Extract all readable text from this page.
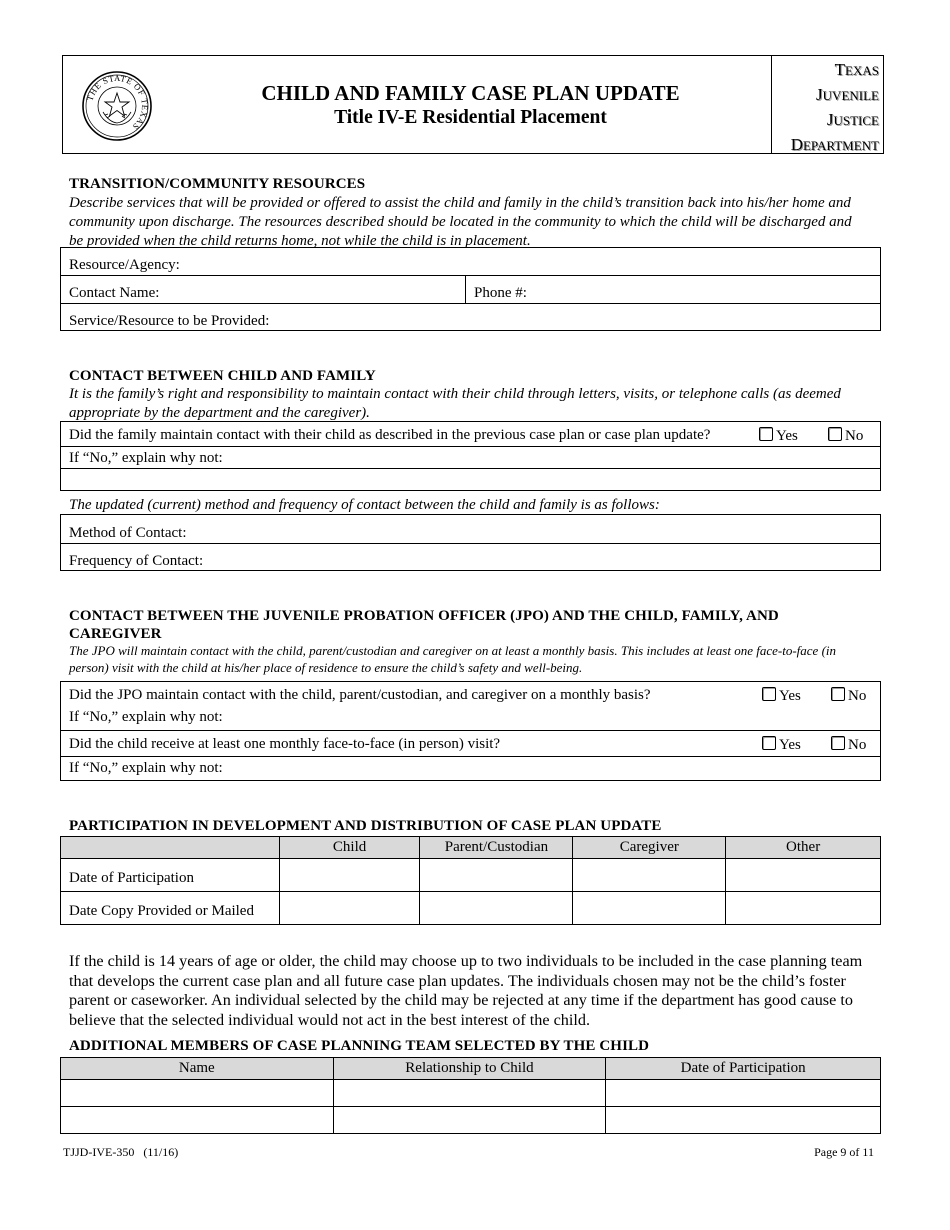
THE STATE OF TEXAS
CHILD AND FAMILY CASE PLAN UPDATE
Title IV-E Residential Placement
TEXAS
JUVENILE
JUSTICE
DEPARTMENT
TRANSITION/COMMUNITY RESOURCES
Describe services that will be provided or offered to assist the child and family in the child’s transition back into his/her home and community upon discharge. The resources described should be located in the community to which the child will be discharged and be provided when the child returns home, not while the child is in placement.
Resource/Agency:
Contact Name:	Phone #:
Service/Resource to be Provided:
CONTACT BETWEEN CHILD AND FAMILY
It is the family’s right and responsibility to maintain contact with their child through letters, visits, or telephone calls (as deemed appropriate by the department and the caregiver).
Did the family maintain contact with their child as described in the previous case plan or case plan update?	Yes	No
If “No,” explain why not:
The updated (current) method and frequency of contact between the child and family is as follows:
Method of Contact:
Frequency of Contact:
CONTACT BETWEEN THE JUVENILE PROBATION OFFICER (JPO) AND THE CHILD, FAMILY, AND
CAREGIVER
The JPO will maintain contact with the child, parent/custodian and caregiver on at least a monthly basis. This includes at least one face-to-face (in person) visit with the child at his/her place of residence to ensure the child’s safety and well-being.
Did the JPO maintain contact with the child, parent/custodian, and caregiver on a monthly basis?	Yes	No
If “No,” explain why not:
Did the child receive at least one monthly face-to-face (in person) visit?	Yes	No
If “No,” explain why not:
PARTICIPATION IN DEVELOPMENT AND DISTRIBUTION OF CASE PLAN UPDATE
	Child	Parent/Custodian	Caregiver	Other
Date of Participation				
Date Copy Provided or Mailed				
If the child is 14 years of age or older, the child may choose up to two individuals to be included in the case planning team that develops the current case plan and all future case plan updates. The individuals chosen may not be the child’s foster parent or caseworker. An individual selected by the child may be rejected at any time if the department has good cause to believe that the selected individual would not act in the best interest of the child.
ADDITIONAL MEMBERS OF CASE PLANNING TEAM SELECTED BY THE CHILD
Name	Relationship to Child	Date of Participation

TJJD-IVE-350   (11/16)	Page 9 of 11
